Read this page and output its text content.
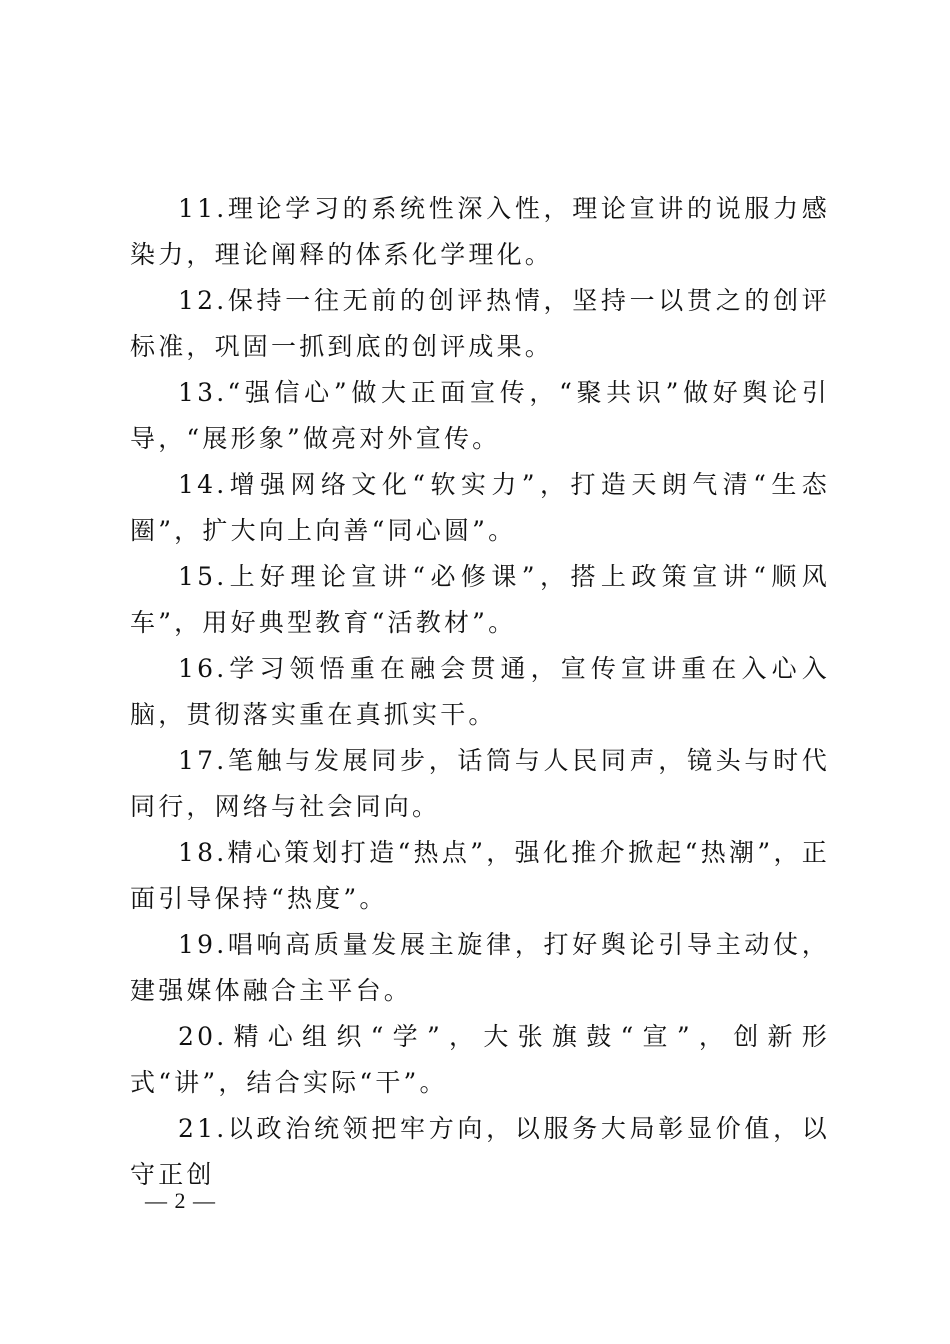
11.理论学习的系统性深入性，理论宣讲的说服力感染力，理论阐释的体系化学理化。

12.保持一往无前的创评热情，坚持一以贯之的创评标准，巩固一抓到底的创评成果。

13.“强信心”做大正面宣传，“聚共识”做好舆论引导，“展形象”做亮对外宣传。

14.增强网络文化“软实力”，打造天朗气清“生态圈”，扩大向上向善“同心圆”。

15.上好理论宣讲“必修课”，搭上政策宣讲“顺风车”，用好典型教育“活教材”。

16.学习领悟重在融会贯通，宣传宣讲重在入心入脑，贯彻落实重在真抓实干。

17.笔触与发展同步，话筒与人民同声，镜头与时代同行，网络与社会同向。

18.精心策划打造“热点”，强化推介掀起“热潮”，正面引导保持“热度”。

19.唱响高质量发展主旋律，打好舆论引导主动仗，建强媒体融合主平台。

20.精心组织“学”，大张旗鼓“宣”，创新形式“讲”，结合实际“干”。

21.以政治统领把牢方向，以服务大局彰显价值，以守正创

— 2 —
